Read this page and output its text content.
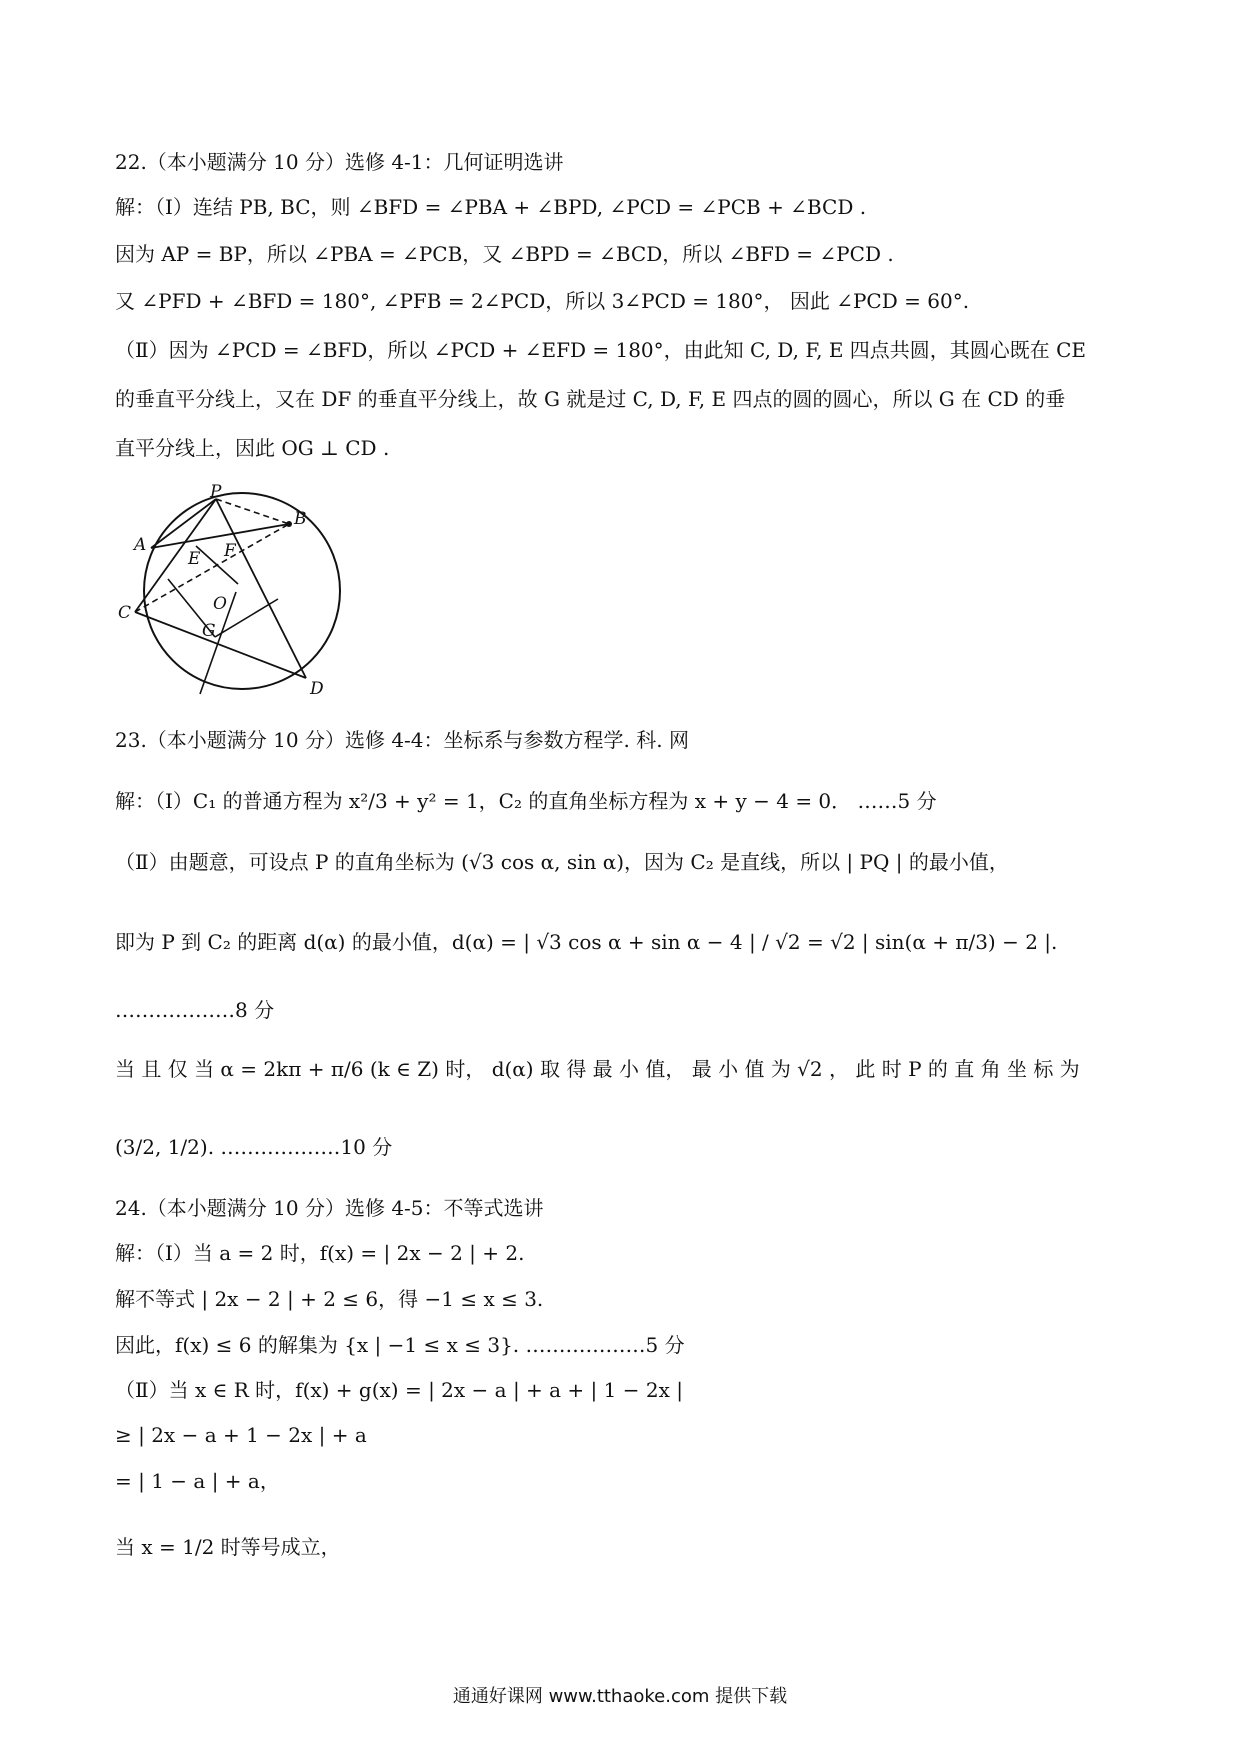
22.（本小题满分 10 分）选修 4-1：几何证明选讲
解：（Ⅰ）连结 PB, BC，则 ∠BFD = ∠PBA + ∠BPD, ∠PCD = ∠PCB + ∠BCD .
因为 AP = BP，所以 ∠PBA = ∠PCB，又 ∠BPD = ∠BCD，所以 ∠BFD = ∠PCD .
又 ∠PFD + ∠BFD = 180°, ∠PFB = 2∠PCD，所以 3∠PCD = 180°， 因此 ∠PCD = 60°.
（Ⅱ）因为 ∠PCD = ∠BFD，所以 ∠PCD + ∠EFD = 180°，由此知 C, D, F, E 四点共圆，其圆心既在 CE
的垂直平分线上，又在 DF 的垂直平分线上，故 G 就是过 C, D, F, E 四点的圆的圆心，所以 G 在 CD 的垂
直平分线上，因此 OG ⊥ CD .
P
B
A
E F
C	O
G
D
23.（本小题满分 10 分）选修 4-4：坐标系与参数方程学. 科. 网
解：（Ⅰ）C₁ 的普通方程为 x²/3 + y² = 1，C₂ 的直角坐标方程为 x + y − 4 = 0． ……5 分
（Ⅱ）由题意，可设点 P 的直角坐标为 (√3 cos α, sin α)，因为 C₂ 是直线，所以 | PQ | 的最小值，
即为 P 到 C₂ 的距离 d(α) 的最小值，d(α) = | √3 cos α + sin α − 4 | / √2 = √2 | sin(α + π/3) − 2 |.
………………8 分
当 且 仅 当 α = 2kπ + π/6 (k ∈ Z) 时， d(α) 取 得 最 小 值， 最 小 值 为 √2 ， 此 时 P 的 直 角 坐 标 为
(3/2, 1/2). ………………10 分
24.（本小题满分 10 分）选修 4-5：不等式选讲
解：（Ⅰ）当 a = 2 时，f(x) = | 2x − 2 | + 2.
解不等式 | 2x − 2 | + 2 ≤ 6，得 −1 ≤ x ≤ 3.
因此，f(x) ≤ 6 的解集为 {x | −1 ≤ x ≤ 3}. ………………5 分
（Ⅱ）当 x ∈ R 时，f(x) + g(x) = | 2x − a | + a + | 1 − 2x |
≥ | 2x − a + 1 − 2x | + a
= | 1 − a | + a，
当 x = 1/2 时等号成立，
通通好课网 www.tthaoke.com 提供下载
